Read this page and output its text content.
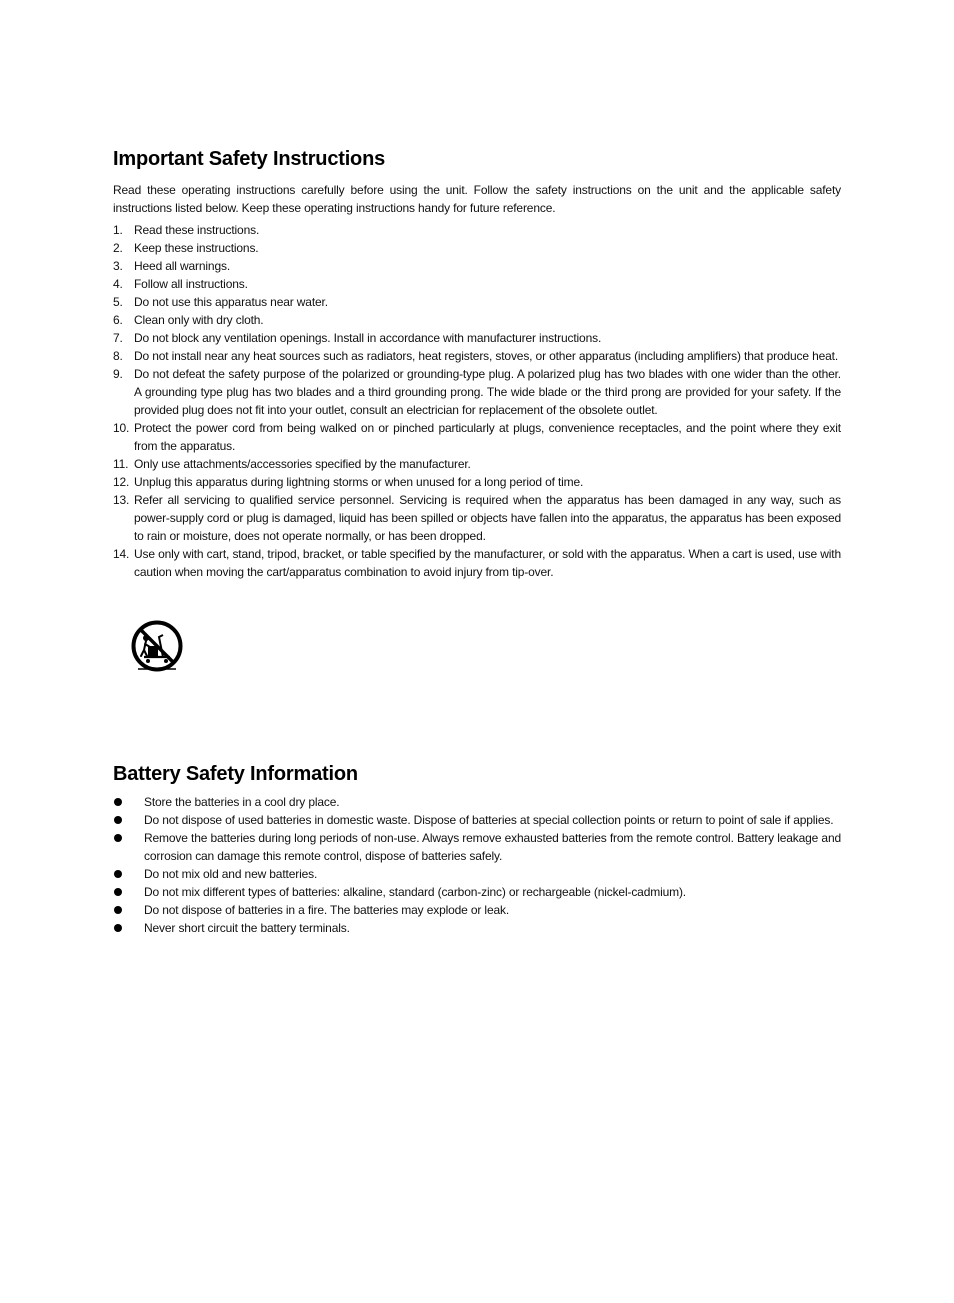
Important Safety Instructions

Read these operating instructions carefully before using the unit. Follow the safety instructions on the unit and the applicable safety instructions listed below. Keep these operating instructions handy for future reference.

1. Read these instructions.
2. Keep these instructions.
3. Heed all warnings.
4. Follow all instructions.
5. Do not use this apparatus near water.
6. Clean only with dry cloth.
7. Do not block any ventilation openings. Install in accordance with manufacturer instructions.
8. Do not install near any heat sources such as radiators, heat registers, stoves, or other apparatus (including amplifiers) that produce heat.
9. Do not defeat the safety purpose of the polarized or grounding-type plug. A polarized plug has two blades with one wider than the other. A grounding type plug has two blades and a third grounding prong. The wide blade or the third prong are provided for your safety. If the provided plug does not fit into your outlet, consult an electrician for replacement of the obsolete outlet.
10. Protect the power cord from being walked on or pinched particularly at plugs, convenience receptacles, and the point where they exit from the apparatus.
11. Only use attachments/accessories specified by the manufacturer.
12. Unplug this apparatus during lightning storms or when unused for a long period of time.
13. Refer all servicing to qualified service personnel. Servicing is required when the apparatus has been damaged in any way, such as power-supply cord or plug is damaged, liquid has been spilled or objects have fallen into the apparatus, the apparatus has been exposed to rain or moisture, does not operate normally, or has been dropped.
14. Use only with cart, stand, tripod, bracket, or table specified by the manufacturer, or sold with the apparatus. When a cart is used, use with caution when moving the cart/apparatus combination to avoid injury from tip-over.
Battery Safety Information
Store the batteries in a cool dry place.
Do not dispose of used batteries in domestic waste. Dispose of batteries at special collection points or return to point of sale if applies.
Remove the batteries during long periods of non-use. Always remove exhausted batteries from the remote control. Battery leakage and corrosion can damage this remote control, dispose of batteries safely.
Do not mix old and new batteries.
Do not mix different types of batteries: alkaline, standard (carbon-zinc) or rechargeable (nickel-cadmium).
Do not dispose of batteries in a fire. The batteries may explode or leak.
Never short circuit the battery terminals.
